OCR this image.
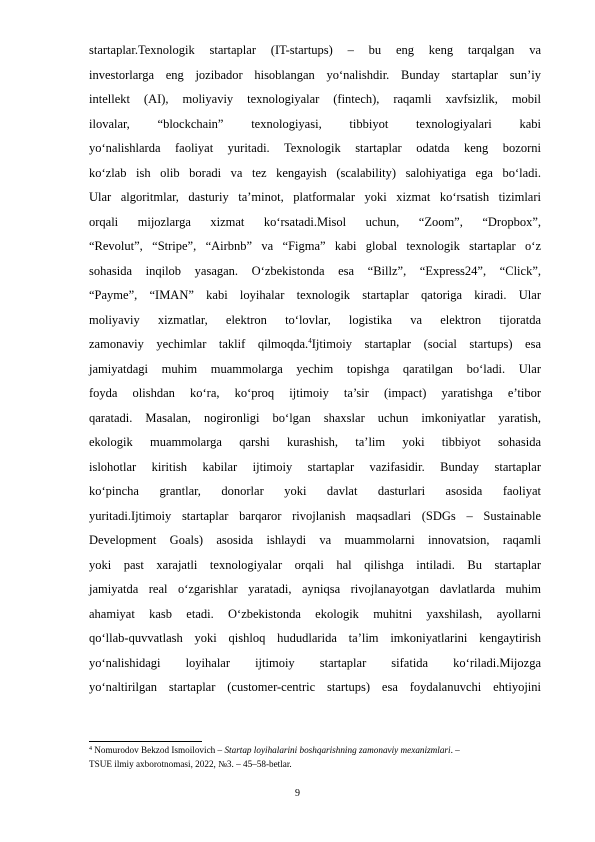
startaplar.Texnologik startaplar (IT-startups) – bu eng keng tarqalgan va
investorlarga eng jozibador hisoblangan yo‘nalishdir. Bunday startaplar sun’iy
intellekt (AI), moliyaviy texnologiyalar (fintech), raqamli xavfsizlik, mobil
ilovalar, “blockchain” texnologiyasi, tibbiyot texnologiyalari kabi
yo‘nalishlarda faoliyat yuritadi. Texnologik startaplar odatda keng bozorni
ko‘zlab ish olib boradi va tez kengayish (scalability) salohiyatiga ega bo‘ladi.
Ular algoritmlar, dasturiy ta’minot, platformalar yoki xizmat ko‘rsatish tizimlari
orqali mijozlarga xizmat ko‘rsatadi.Misol uchun, “Zoom”, “Dropbox”,
“Revolut”, “Stripe”, “Airbnb” va “Figma” kabi global texnologik startaplar o‘z
sohasida inqilob yasagan. O‘zbekistonda esa “Billz”, “Express24”, “Click”,
“Payme”, “IMAN” kabi loyihalar texnologik startaplar qatoriga kiradi. Ular
moliyaviy xizmatlar, elektron to‘lovlar, logistika va elektron tijoratda
zamonaviy yechimlar taklif qilmoqda.$^4$Ijtimoiy startaplar (social startups) esa
jamiyatdagi muhim muammolarga yechim topishga qaratilgan bo‘ladi. Ular
foyda olishdan ko‘ra, ko‘proq ijtimoiy ta’sir (impact) yaratishga e’tibor
qaratadi. Masalan, nogironligi bo‘lgan shaxslar uchun imkoniyatlar yaratish,
ekologik muammolarga qarshi kurashish, ta’lim yoki tibbiyot sohasida
islohotlar kiritish kabilar ijtimoiy startaplar vazifasidir. Bunday startaplar
ko‘pincha grantlar, donorlar yoki davlat dasturlari asosida faoliyat
yuritadi.Ijtimoiy startaplar barqaror rivojlanish maqsadlari (SDGs – Sustainable
Development Goals) asosida ishlaydi va muammolarni innovatsion, raqamli
yoki past xarajatli texnologiyalar orqali hal qilishga intiladi. Bu startaplar
jamiyatda real o‘zgarishlar yaratadi, ayniqsa rivojlanayotgan davlatlarda muhim
ahamiyat kasb etadi. O‘zbekistonda ekologik muhitni yaxshilash, ayollarni
qo‘llab-quvvatlash yoki qishloq hududlarida ta’lim imkoniyatlarini kengaytirish
yo‘nalishidagi loyihalar ijtimoiy startaplar sifatida ko‘riladi.Mijozga
yo‘naltirilgan startaplar (customer-centric startups) esa foydalanuvchi ehtiyojini
$^4$ Nomurodov Bekzod Ismoilovich – Startap loyihalarini boshqarishning zamonaviy mexanizmlari. –
TSUE ilmiy axborotnomasi, 2022, №3. – 45–58-betlar.
9
